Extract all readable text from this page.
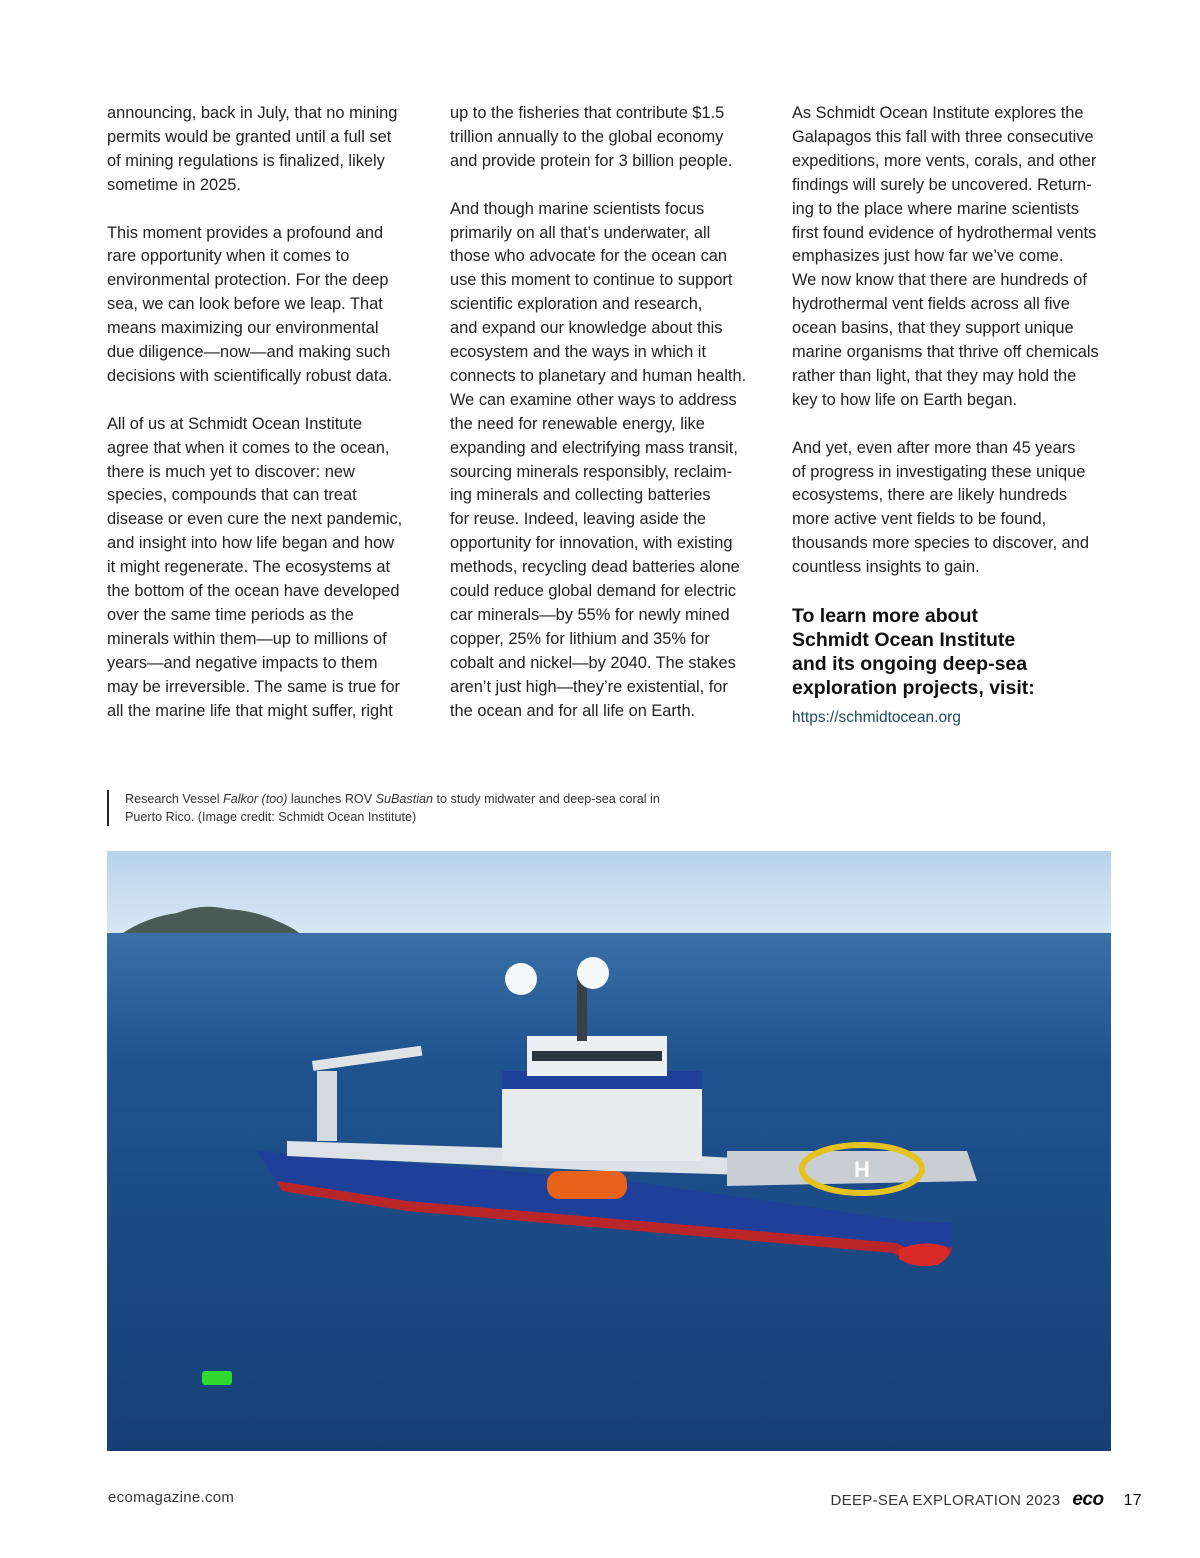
announcing, back in July, that no mining
permits would be granted until a full set
of mining regulations is finalized, likely
sometime in 2025.

This moment provides a profound and
rare opportunity when it comes to
environmental protection. For the deep
sea, we can look before we leap. That
means maximizing our environmental
due diligence—now—and making such
decisions with scientifically robust data.

All of us at Schmidt Ocean Institute
agree that when it comes to the ocean,
there is much yet to discover: new
species, compounds that can treat
disease or even cure the next pandemic,
and insight into how life began and how
it might regenerate. The ecosystems at
the bottom of the ocean have developed
over the same time periods as the
minerals within them—up to millions of
years—and negative impacts to them
may be irreversible. The same is true for
all the marine life that might suffer, right

up to the fisheries that contribute $1.5
trillion annually to the global economy
and provide protein for 3 billion people.

And though marine scientists focus
primarily on all that’s underwater, all
those who advocate for the ocean can
use this moment to continue to support
scientific exploration and research,
and expand our knowledge about this
ecosystem and the ways in which it
connects to planetary and human health.
We can examine other ways to address
the need for renewable energy, like
expanding and electrifying mass transit,
sourcing minerals responsibly, reclaim-
ing minerals and collecting batteries
for reuse. Indeed, leaving aside the
opportunity for innovation, with existing
methods, recycling dead batteries alone
could reduce global demand for electric
car minerals—by 55% for newly mined
copper, 25% for lithium and 35% for
cobalt and nickel—by 2040. The stakes
aren’t just high—they’re existential, for
the ocean and for all life on Earth.

As Schmidt Ocean Institute explores the
Galapagos this fall with three consecutive
expeditions, more vents, corals, and other
findings will surely be uncovered. Return-
ing to the place where marine scientists
first found evidence of hydrothermal vents
emphasizes just how far we’ve come.
We now know that there are hundreds of
hydrothermal vent fields across all five
ocean basins, that they support unique
marine organisms that thrive off chemicals
rather than light, that they may hold the
key to how life on Earth began.

And yet, even after more than 45 years
of progress in investigating these unique
ecosystems, there are likely hundreds
more active vent fields to be found,
thousands more species to discover, and
countless insights to gain.

To learn more about
Schmidt Ocean Institute
and its ongoing deep-sea
exploration projects, visit:
https://schmidtocean.org
Research Vessel Falkor (too) launches ROV SuBastian to study midwater and deep-sea coral in Puerto Rico. (Image credit: Schmidt Ocean Institute)
H
ecomagazine.com	DEEP-SEA EXPLORATION 2023 eco 17
